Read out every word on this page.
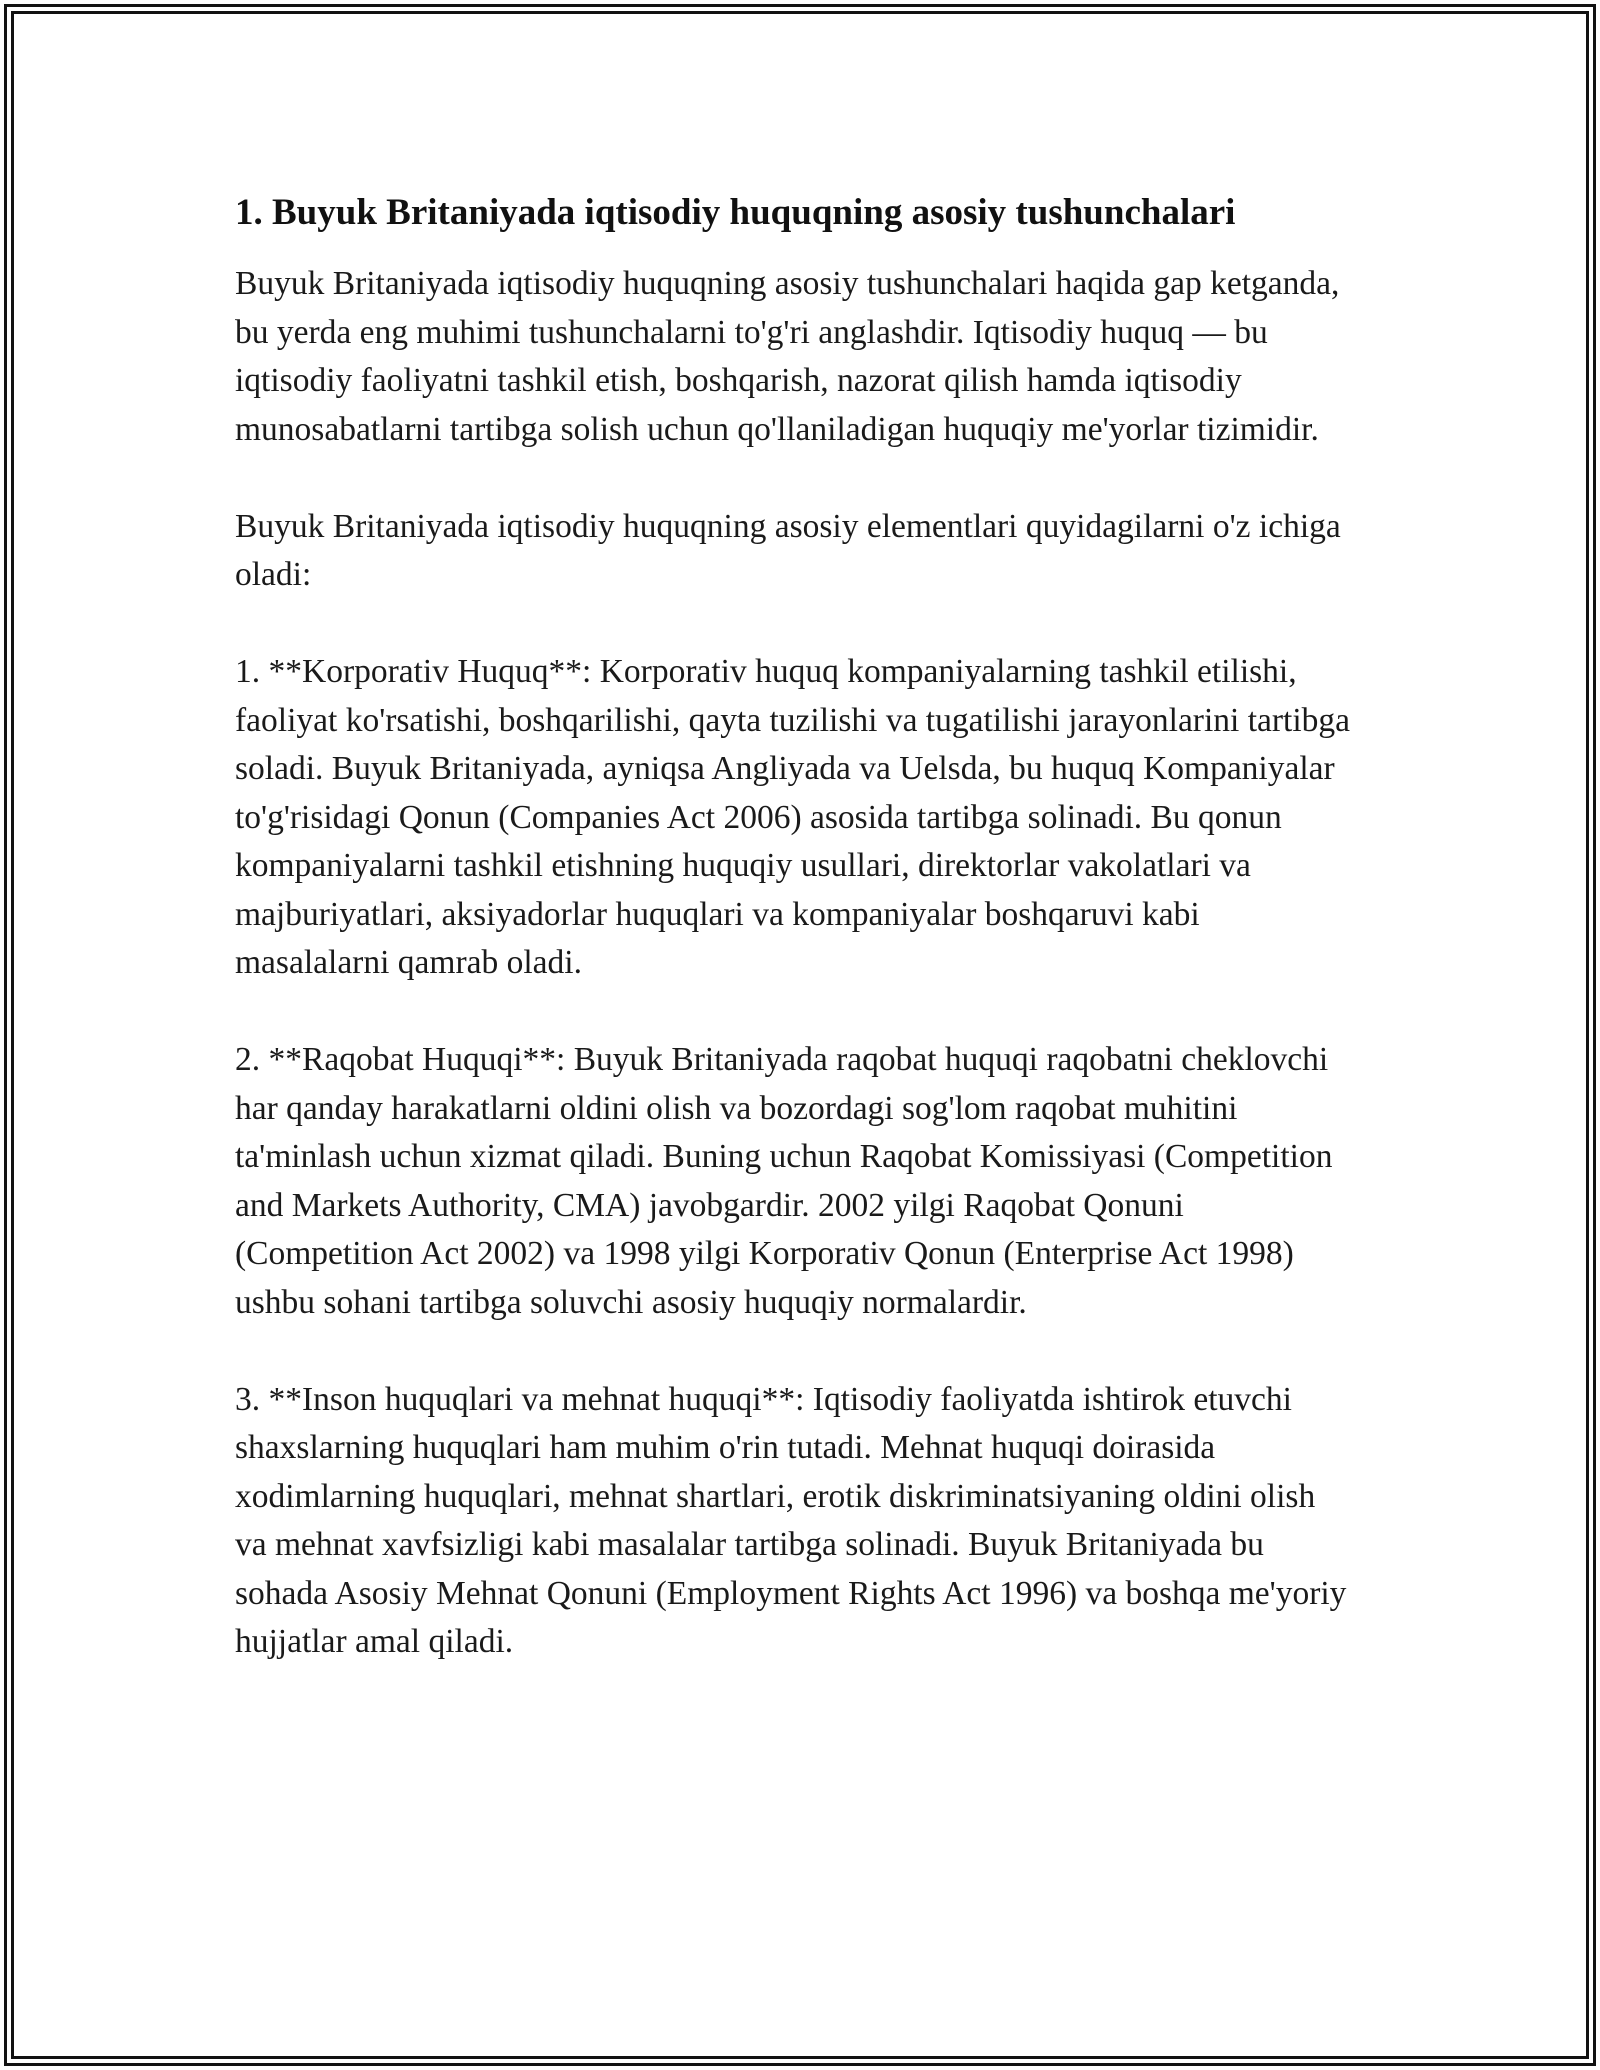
1. Buyuk Britaniyada iqtisodiy huquqning asosiy tushunchalari

Buyuk Britaniyada iqtisodiy huquqning asosiy tushunchalari haqida gap ketganda, bu yerda eng muhimi tushunchalarni to'g'ri anglashdir. Iqtisodiy huquq — bu iqtisodiy faoliyatni tashkil etish, boshqarish, nazorat qilish hamda iqtisodiy munosabatlarni tartibga solish uchun qo'llaniladigan huquqiy me'yorlar tizimidir.

Buyuk Britaniyada iqtisodiy huquqning asosiy elementlari quyidagilarni o'z ichiga oladi:

1. **Korporativ Huquq**: Korporativ huquq kompaniyalarning tashkil etilishi, faoliyat ko'rsatishi, boshqarilishi, qayta tuzilishi va tugatilishi jarayonlarini tartibga soladi. Buyuk Britaniyada, ayniqsa Angliyada va Uelsda, bu huquq Kompaniyalar to'g'risidagi Qonun (Companies Act 2006) asosida tartibga solinadi. Bu qonun kompaniyalarni tashkil etishning huquqiy usullari, direktorlar vakolatlari va majburiyatlari, aksiyadorlar huquqlari va kompaniyalar boshqaruvi kabi masalalarni qamrab oladi.

2. **Raqobat Huquqi**: Buyuk Britaniyada raqobat huquqi raqobatni cheklovchi har qanday harakatlarni oldini olish va bozordagi sog'lom raqobat muhitini ta'minlash uchun xizmat qiladi. Buning uchun Raqobat Komissiyasi (Competition and Markets Authority, CMA) javobgardir. 2002 yilgi Raqobat Qonuni (Competition Act 2002) va 1998 yilgi Korporativ Qonun (Enterprise Act 1998) ushbu sohani tartibga soluvchi asosiy huquqiy normalardir.

3. **Inson huquqlari va mehnat huquqi**: Iqtisodiy faoliyatda ishtirok etuvchi shaxslarning huquqlari ham muhim o'rin tutadi. Mehnat huquqi doirasida xodimlarning huquqlari, mehnat shartlari, erotik diskriminatsiyaning oldini olish va mehnat xavfsizligi kabi masalalar tartibga solinadi. Buyuk Britaniyada bu sohada Asosiy Mehnat Qonuni (Employment Rights Act 1996) va boshqa me'yoriy hujjatlar amal qiladi.
